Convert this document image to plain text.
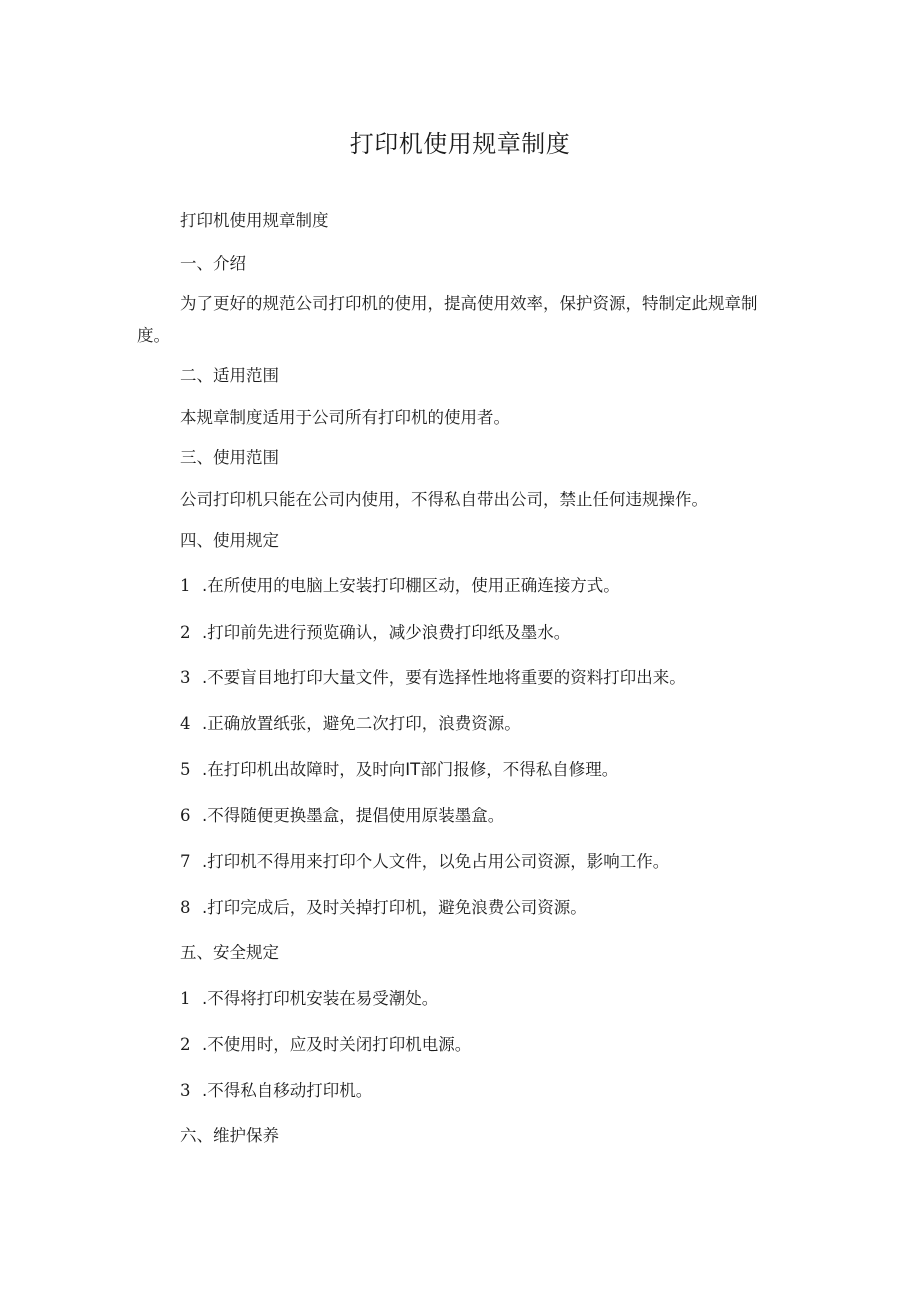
打印机使用规章制度

打印机使用规章制度

一、介绍

为了更好的规范公司打印机的使用，提高使用效率，保护资源，特制定此规章制度。

二、适用范围

本规章制度适用于公司所有打印机的使用者。

三、使用范围

公司打印机只能在公司内使用，不得私自带出公司，禁止任何违规操作。

四、使用规定

1 .在所使用的电脑上安装打印棚区动，使用正确连接方式。

2 .打印前先进行预览确认，减少浪费打印纸及墨水。

3 .不要盲目地打印大量文件，要有选择性地将重要的资料打印出来。

4 .正确放置纸张，避免二次打印，浪费资源。

5 .在打印机出故障时，及时向IT部门报修，不得私自修理。

6 .不得随便更换墨盒，提倡使用原装墨盒。

7 .打印机不得用来打印个人文件，以免占用公司资源，影响工作。

8 .打印完成后，及时关掉打印机，避免浪费公司资源。

五、安全规定

1 .不得将打印机安装在易受潮处。

2 .不使用时，应及时关闭打印机电源。

3 .不得私自移动打印机。

六、维护保养
